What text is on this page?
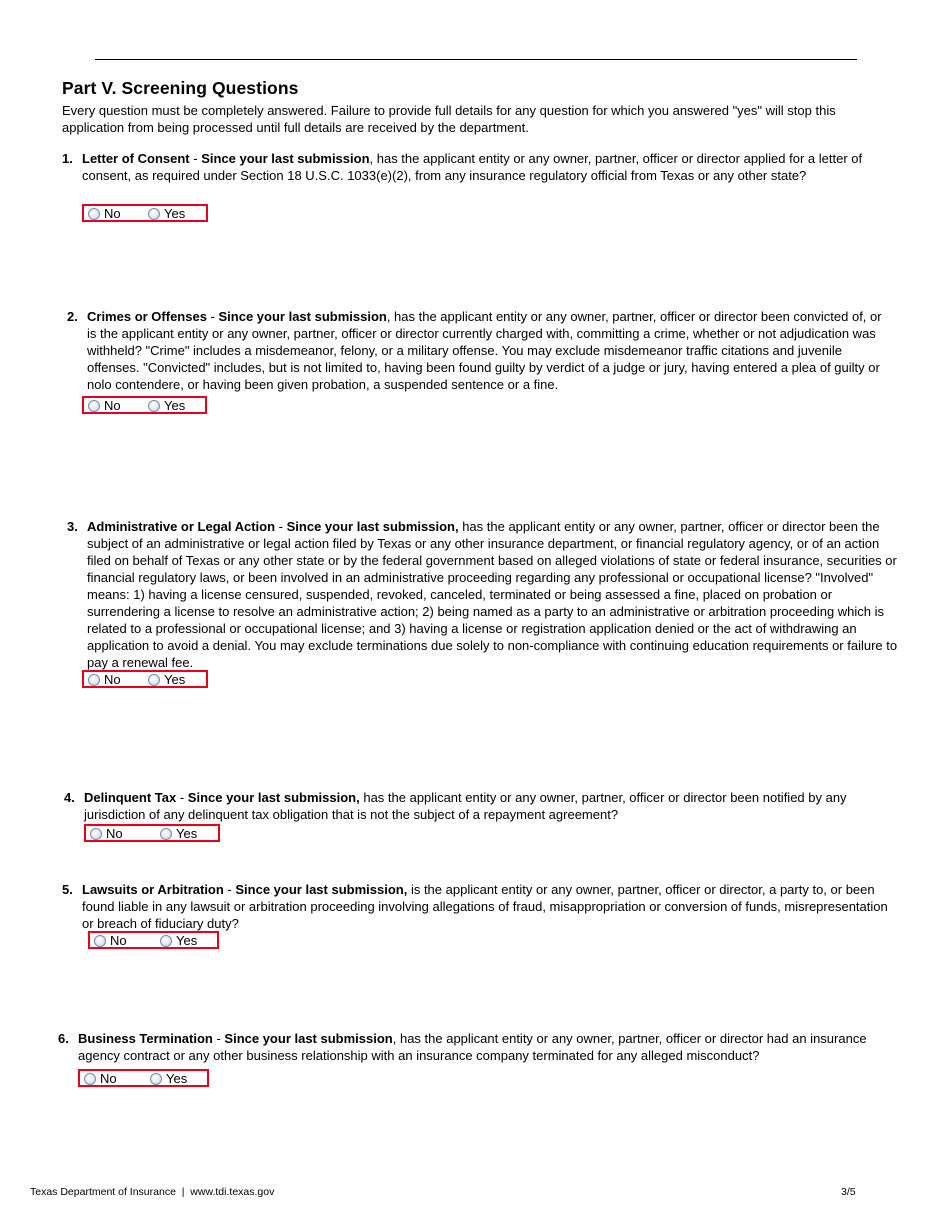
Part V. Screening Questions
Every question must be completely answered. Failure to provide full details for any question for which you answered "yes" will stop this application from being processed until full details are received by the department.
1. Letter of Consent - Since your last submission, has the applicant entity or any owner, partner, officer or director applied for a letter of consent, as required under Section 18 U.S.C. 1033(e)(2), from any insurance regulatory official from Texas or any other state?
No	Yes
2. Crimes or Offenses - Since your last submission, has the applicant entity or any owner, partner, officer or director been convicted of, or is the applicant entity or any owner, partner, officer or director currently charged with, committing a crime, whether or not adjudication was withheld? "Crime" includes a misdemeanor, felony, or a military offense. You may exclude misdemeanor traffic citations and juvenile offenses. "Convicted" includes, but is not limited to, having been found guilty by verdict of a judge or jury, having entered a plea of guilty or nolo contendere, or having been given probation, a suspended sentence or a fine.
No	Yes
3. Administrative or Legal Action - Since your last submission, has the applicant entity or any owner, partner, officer or director been the subject of an administrative or legal action filed by Texas or any other insurance department, or financial regulatory agency, or of an action filed on behalf of Texas or any other state or by the federal government based on alleged violations of state or federal insurance, securities or financial regulatory laws, or been involved in an administrative proceeding regarding any professional or occupational license? "Involved" means: 1) having a license censured, suspended, revoked, canceled, terminated or being assessed a fine, placed on probation or surrendering a license to resolve an administrative action; 2) being named as a party to an administrative or arbitration proceeding which is related to a professional or occupational license; and 3) having a license or registration application denied or the act of withdrawing an application to avoid a denial. You may exclude terminations due solely to non-compliance with continuing education requirements or failure to pay a renewal fee.
No	Yes
4. Delinquent Tax - Since your last submission, has the applicant entity or any owner, partner, officer or director been notified by any jurisdiction of any delinquent tax obligation that is not the subject of a repayment agreement?
No	Yes
5. Lawsuits or Arbitration - Since your last submission, is the applicant entity or any owner, partner, officer or director, a party to, or been found liable in any lawsuit or arbitration proceeding involving allegations of fraud, misappropriation or conversion of funds, misrepresentation or breach of fiduciary duty?
No	Yes
6. Business Termination - Since your last submission, has the applicant entity or any owner, partner, officer or director had an insurance agency contract or any other business relationship with an insurance company terminated for any alleged misconduct?
No	Yes
Texas Department of Insurance  |  www.tdi.texas.gov	3/5
